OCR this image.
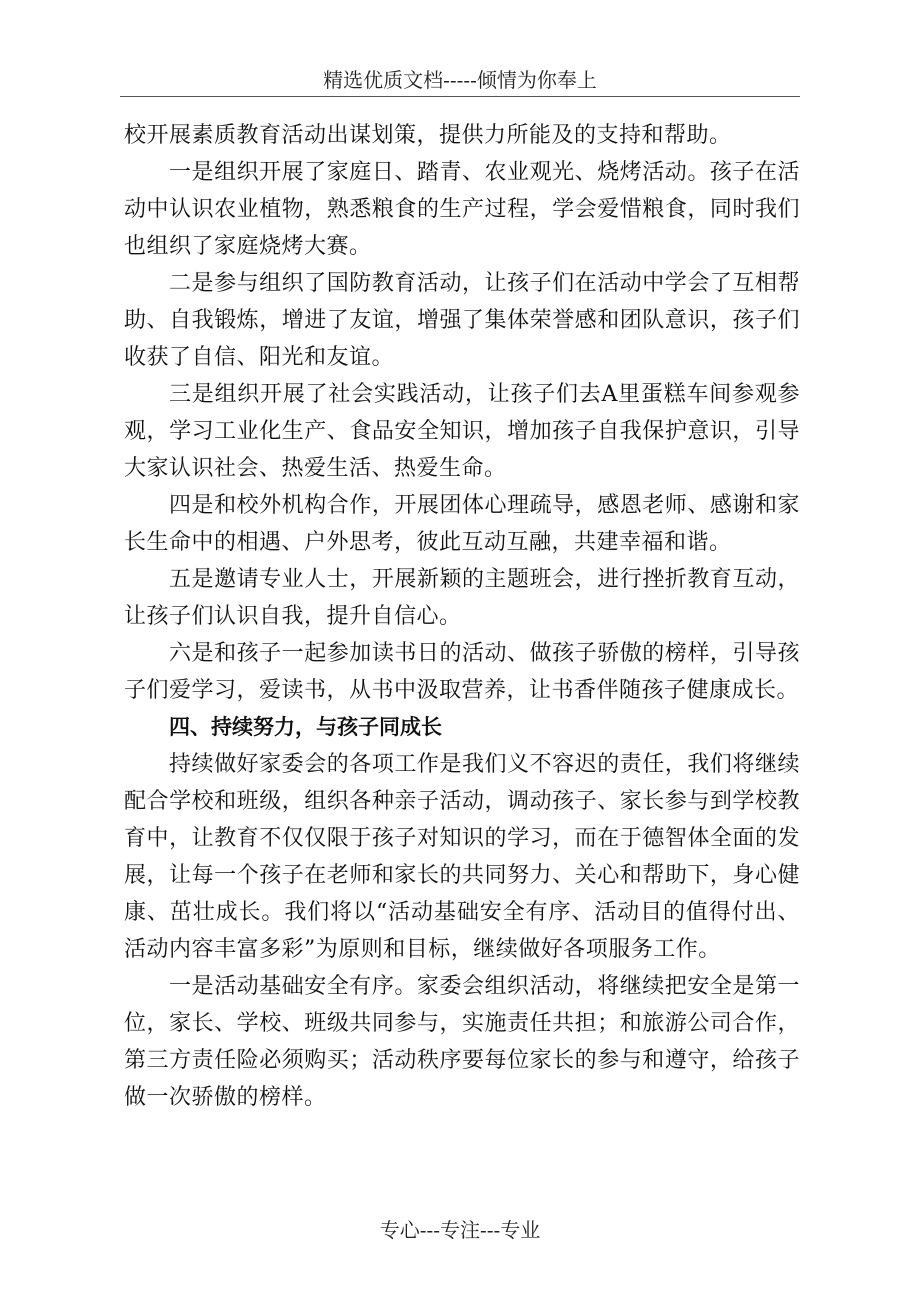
精选优质文档-----倾情为你奉上

校开展素质教育活动出谋划策，提供力所能及的支持和帮助。

一是组织开展了家庭日、踏青、农业观光、烧烤活动。孩子在活动中认识农业植物，熟悉粮食的生产过程，学会爱惜粮食，同时我们也组织了家庭烧烤大赛。

二是参与组织了国防教育活动，让孩子们在活动中学会了互相帮助、自我锻炼，增进了友谊，增强了集体荣誉感和团队意识，孩子们收获了自信、阳光和友谊。

三是组织开展了社会实践活动，让孩子们去A里蛋糕车间参观参观，学习工业化生产、食品安全知识，增加孩子自我保护意识，引导大家认识社会、热爱生活、热爱生命。

四是和校外机构合作，开展团体心理疏导，感恩老师、感谢和家长生命中的相遇、户外思考，彼此互动互融，共建幸福和谐。

五是邀请专业人士，开展新颖的主题班会，进行挫折教育互动，让孩子们认识自我，提升自信心。

六是和孩子一起参加读书日的活动、做孩子骄傲的榜样，引导孩子们爱学习，爱读书，从书中汲取营养，让书香伴随孩子健康成长。

四、持续努力，与孩子同成长

持续做好家委会的各项工作是我们义不容迟的责任，我们将继续配合学校和班级，组织各种亲子活动，调动孩子、家长参与到学校教育中，让教育不仅仅限于孩子对知识的学习，而在于德智体全面的发展，让每一个孩子在老师和家长的共同努力、关心和帮助下，身心健康、茁壮成长。我们将以“活动基础安全有序、活动目的值得付出、活动内容丰富多彩”为原则和目标，继续做好各项服务工作。

一是活动基础安全有序。家委会组织活动，将继续把安全是第一位，家长、学校、班级共同参与，实施责任共担；和旅游公司合作，第三方责任险必须购买；活动秩序要每位家长的参与和遵守，给孩子做一次骄傲的榜样。

专心---专注---专业
